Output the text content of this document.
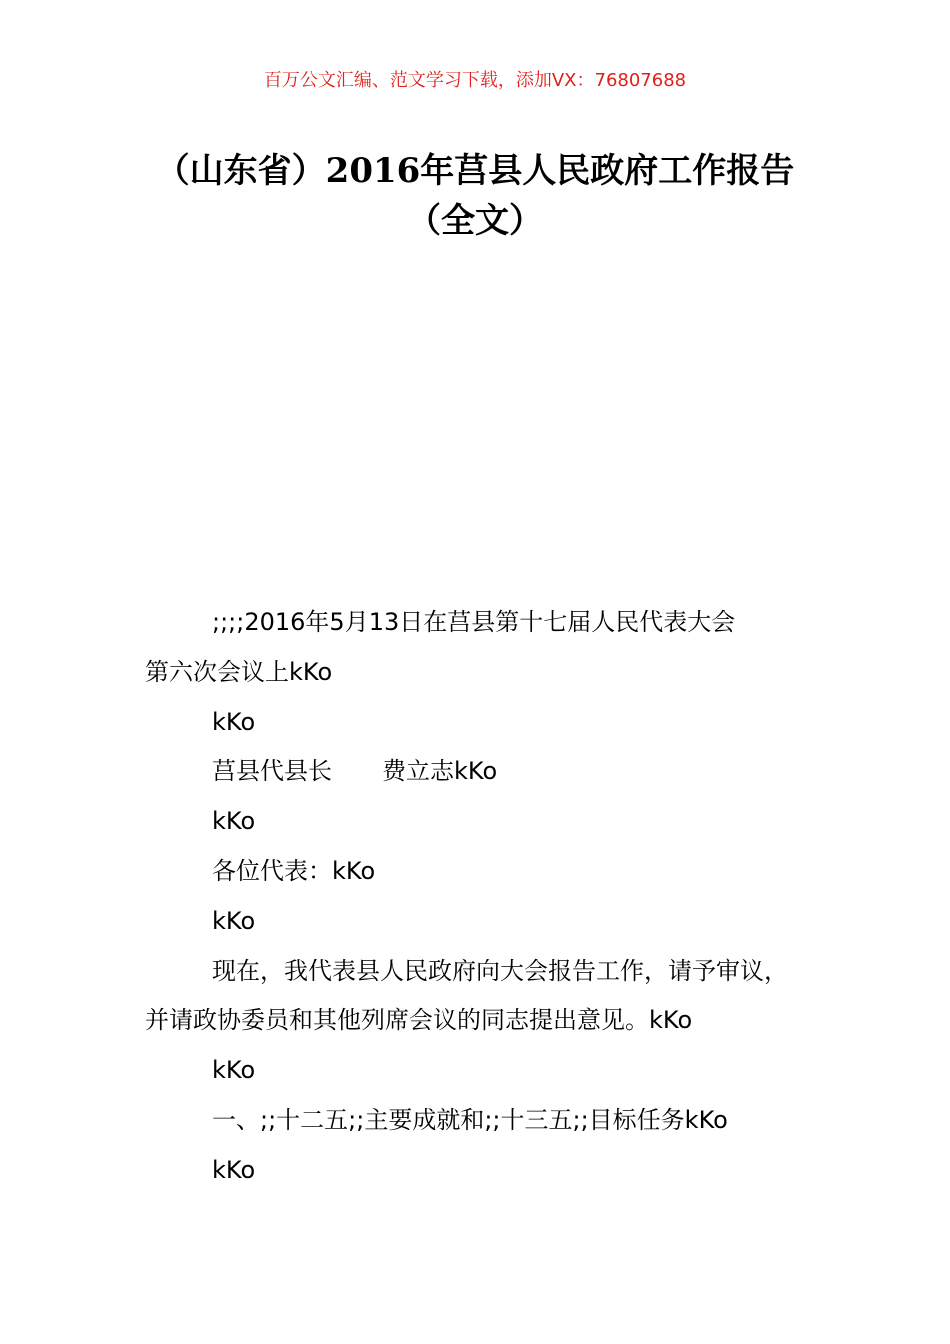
百万公文汇编、范文学习下载，添加VX：76807688
（山东省）2016年莒县人民政府工作报告
（全文）
;;;;2016年5月13日在莒县第十七届人民代表大会
第六次会议上kKo
kKo
莒县代县长 费立志kKo
kKo
各位代表：kKo
kKo
现在，我代表县人民政府向大会报告工作，请予审议，
并请政协委员和其他列席会议的同志提出意见。kKo
kKo
一、;;十二五;;主要成就和;;十三五;;目标任务kKo
kKo
